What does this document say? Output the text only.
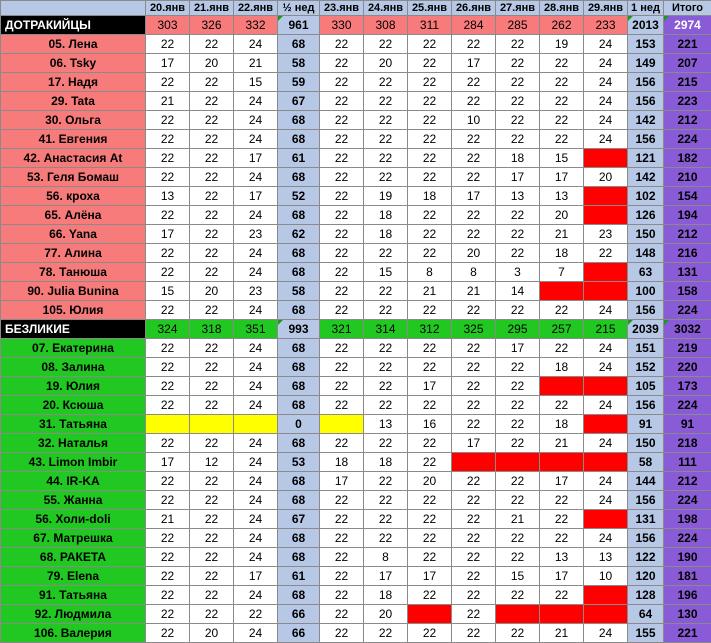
	20.янв	21.янв	22.янв	½ нед	23.янв	24.янв	25.янв	26.янв	27.янв	28.янв	29.янв	1 нед	Итого
ДОТРАКИЙЦЫ	303	326	332	961	330	308	311	284	285	262	233	2013	2974

05. Лена	22	22	24	68	22	22	22	22	22	19	24	153	221
06. Tsky	17	20	21	58	22	20	22	17	22	22	24	149	207
17. Надя	22	22	15	59	22	22	22	22	22	22	24	156	215
29. Tata	21	22	24	67	22	22	22	22	22	22	24	156	223
30. Ольга	22	22	24	68	22	22	22	10	22	22	24	142	212
41. Евгения	22	22	24	68	22	22	22	22	22	22	24	156	224
42. Анастасия At	22	22	17	61	22	22	22	22	18	15		121	182
53. Геля Бомаш	22	22	24	68	22	22	22	22	17	17	20	142	210
56. кроха	13	22	17	52	22	19	18	17	13	13		102	154
65. Алёна	22	22	24	68	22	18	22	22	22	20		126	194
66. Yana	17	22	23	62	22	18	22	22	22	21	23	150	212
77. Алина	22	22	24	68	22	22	22	20	22	18	22	148	216
78. Танюша	22	22	24	68	22	15	8	8	3	7		63	131
90. Julia Bunina	15	20	23	58	22	22	21	21	14			100	158
105. Юлия	22	22	24	68	22	22	22	22	22	22	24	156	224
БЕЗЛИКИЕ	324	318	351	993	321	314	312	325	295	257	215	2039	3032

07. Екатерина	22	22	24	68	22	22	22	22	17	22	24	151	219
08. Залина	22	22	24	68	22	22	22	22	22	18	24	152	220
19. Юлия	22	22	24	68	22	22	17	22	22			105	173
20. Ксюша	22	22	24	68	22	22	22	22	22	22	24	156	224
31. Татьяна				0		13	16	22	22	18		91	91
32. Наталья	22	22	24	68	22	22	22	17	22	21	24	150	218
43. Limon Imbir	17	12	24	53	18	18	22					58	111
44. IR-KA	22	22	24	68	17	22	20	22	22	17	24	144	212
55. Жанна	22	22	24	68	22	22	22	22	22	22	24	156	224
56. Холи-doli	21	22	24	67	22	22	22	22	21	22		131	198
67. Матрешка	22	22	24	68	22	22	22	22	22	22	24	156	224
68. РАКЕТА	22	22	24	68	22	8	22	22	22	13	13	122	190
79. Elena	22	22	17	61	22	17	17	22	15	17	10	120	181
91. Татьяна	22	22	24	68	22	18	22	22	22	22		128	196
92. Людмила	22	22	22	66	22	20		22				64	130
106. Валерия	22	20	24	66	22	22	22	22	22	21	24	155	221
